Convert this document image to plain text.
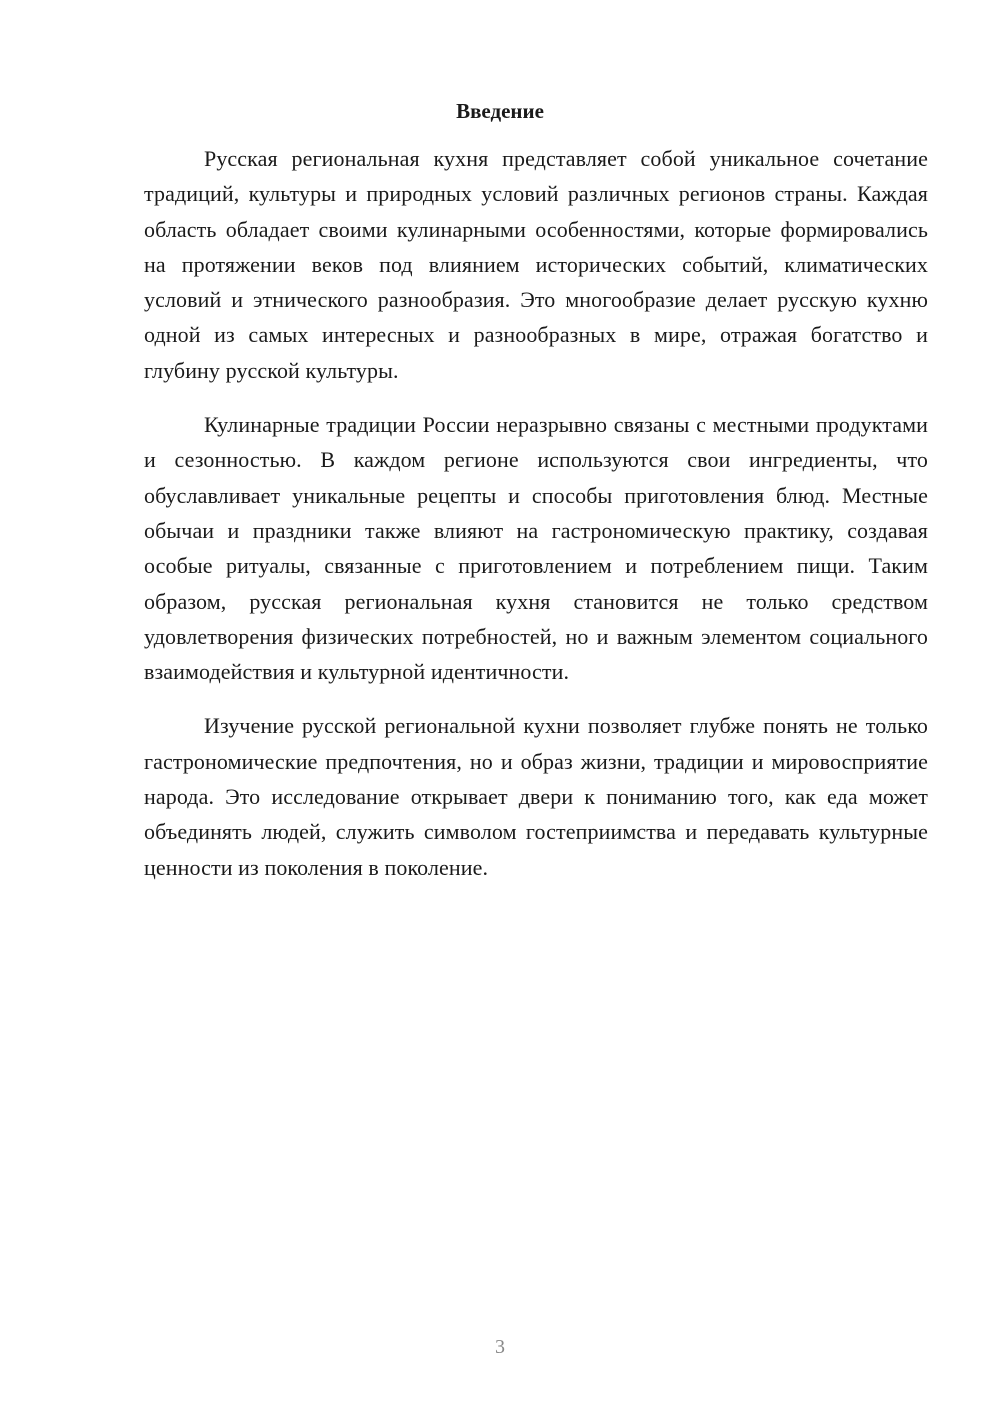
Введение

Русская региональная кухня представляет собой уникальное сочетание традиций, культуры и природных условий различных регионов страны. Каждая область обладает своими кулинарными особенностями, которые формировались на протяжении веков под влиянием исторических событий, климатических условий и этнического разнообразия. Это многообразие делает русскую кухню одной из самых интересных и разнообразных в мире, отражая богатство и глубину русской культуры.

Кулинарные традиции России неразрывно связаны с местными продуктами и сезонностью. В каждом регионе используются свои ингредиенты, что обуславливает уникальные рецепты и способы приготовления блюд. Местные обычаи и праздники также влияют на гастрономическую практику, создавая особые ритуалы, связанные с приготовлением и потреблением пищи. Таким образом, русская региональная кухня становится не только средством удовлетворения физических потребностей, но и важным элементом социального взаимодействия и культурной идентичности.

Изучение русской региональной кухни позволяет глубже понять не только гастрономические предпочтения, но и образ жизни, традиции и мировосприятие народа. Это исследование открывает двери к пониманию того, как еда может объединять людей, служить символом гостеприимства и передавать культурные ценности из поколения в поколение.

3
